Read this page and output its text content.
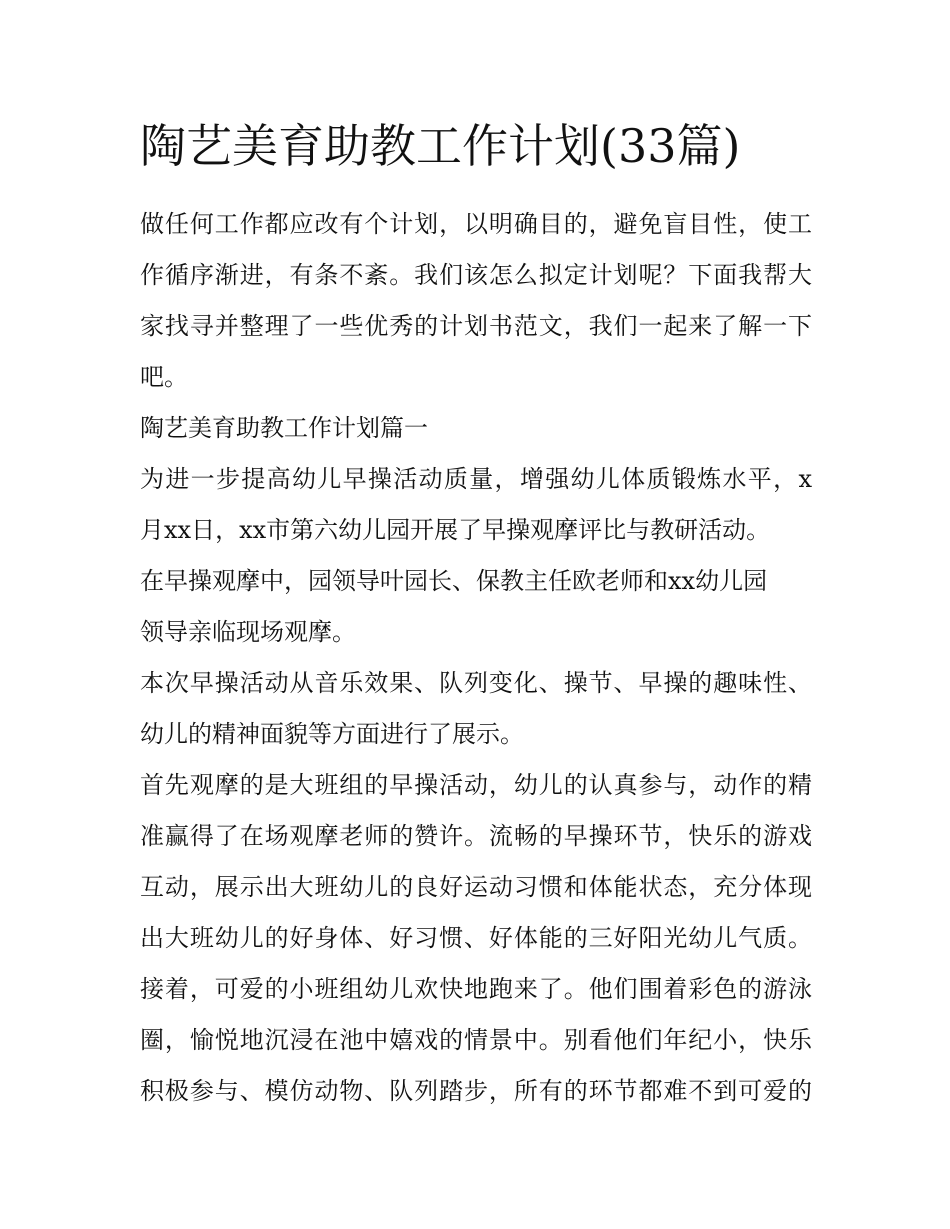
陶艺美育助教工作计划(33篇)
做任何工作都应改有个计划，以明确目的，避免盲目性，使工
作循序渐进，有条不紊。我们该怎么拟定计划呢？下面我帮大
家找寻并整理了一些优秀的计划书范文，我们一起来了解一下
吧。
陶艺美育助教工作计划篇一
为进一步提高幼儿早操活动质量，增强幼儿体质锻炼水平，x
月xx日，xx市第六幼儿园开展了早操观摩评比与教研活动。
在早操观摩中，园领导叶园长、保教主任欧老师和xx幼儿园
领导亲临现场观摩。
本次早操活动从音乐效果、队列变化、操节、早操的趣味性、
幼儿的精神面貌等方面进行了展示。
首先观摩的是大班组的早操活动，幼儿的认真参与，动作的精
准赢得了在场观摩老师的赞许。流畅的早操环节，快乐的游戏
互动，展示出大班幼儿的良好运动习惯和体能状态，充分体现
出大班幼儿的好身体、好习惯、好体能的三好阳光幼儿气质。
接着，可爱的小班组幼儿欢快地跑来了。他们围着彩色的游泳
圈，愉悦地沉浸在池中嬉戏的情景中。别看他们年纪小，快乐
积极参与、模仿动物、队列踏步，所有的环节都难不到可爱的
